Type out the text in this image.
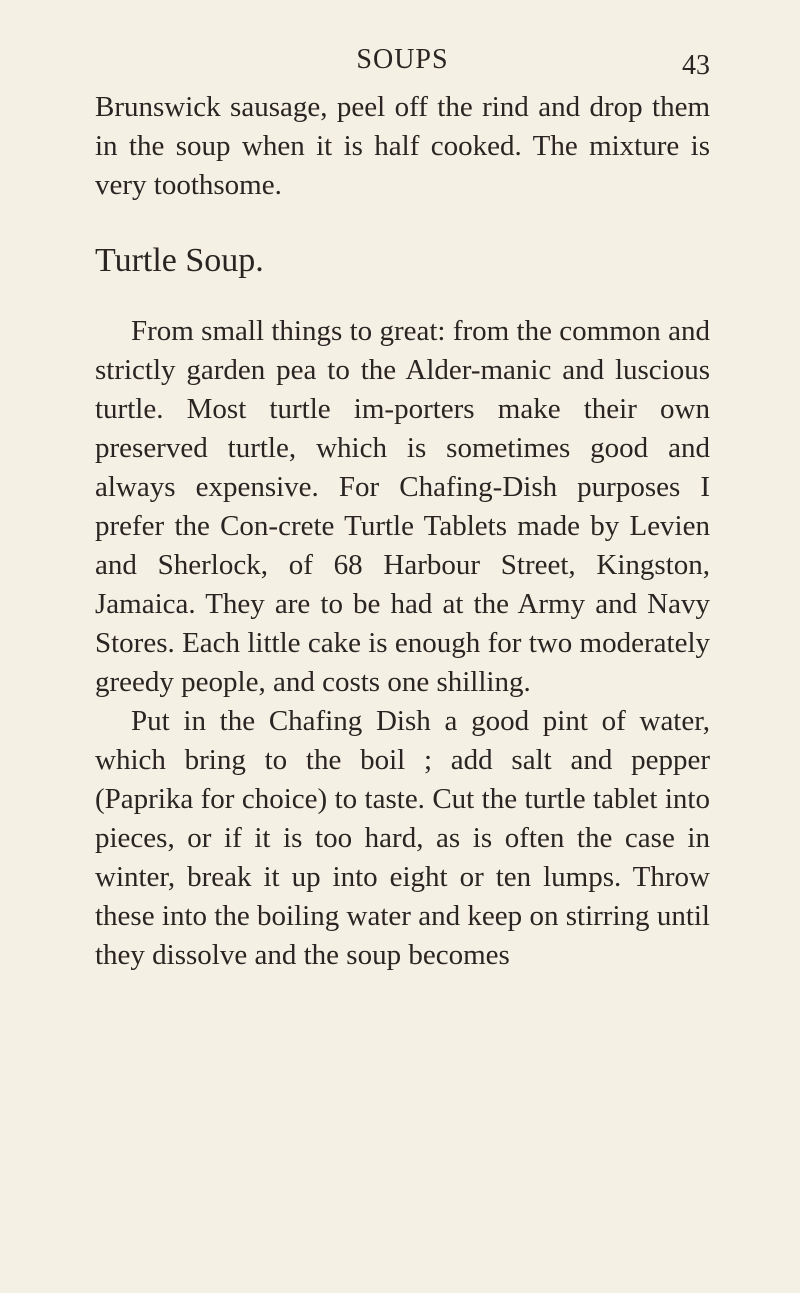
SOUPS	43

Brunswick sausage, peel off the rind and drop them in the soup when it is half cooked. The mixture is very toothsome.

Turtle Soup.

From small things to great: from the common and strictly garden pea to the Alder-manic and luscious turtle. Most turtle im-porters make their own preserved turtle, which is sometimes good and always expensive. For Chafing-Dish purposes I prefer the Con-crete Turtle Tablets made by Levien and Sherlock, of 68 Harbour Street, Kingston, Jamaica. They are to be had at the Army and Navy Stores. Each little cake is enough for two moderately greedy people, and costs one shilling.

Put in the Chafing Dish a good pint of water, which bring to the boil ; add salt and pepper (Paprika for choice) to taste. Cut the turtle tablet into pieces, or if it is too hard, as is often the case in winter, break it up into eight or ten lumps. Throw these into the boiling water and keep on stirring until they dissolve and the soup becomes
